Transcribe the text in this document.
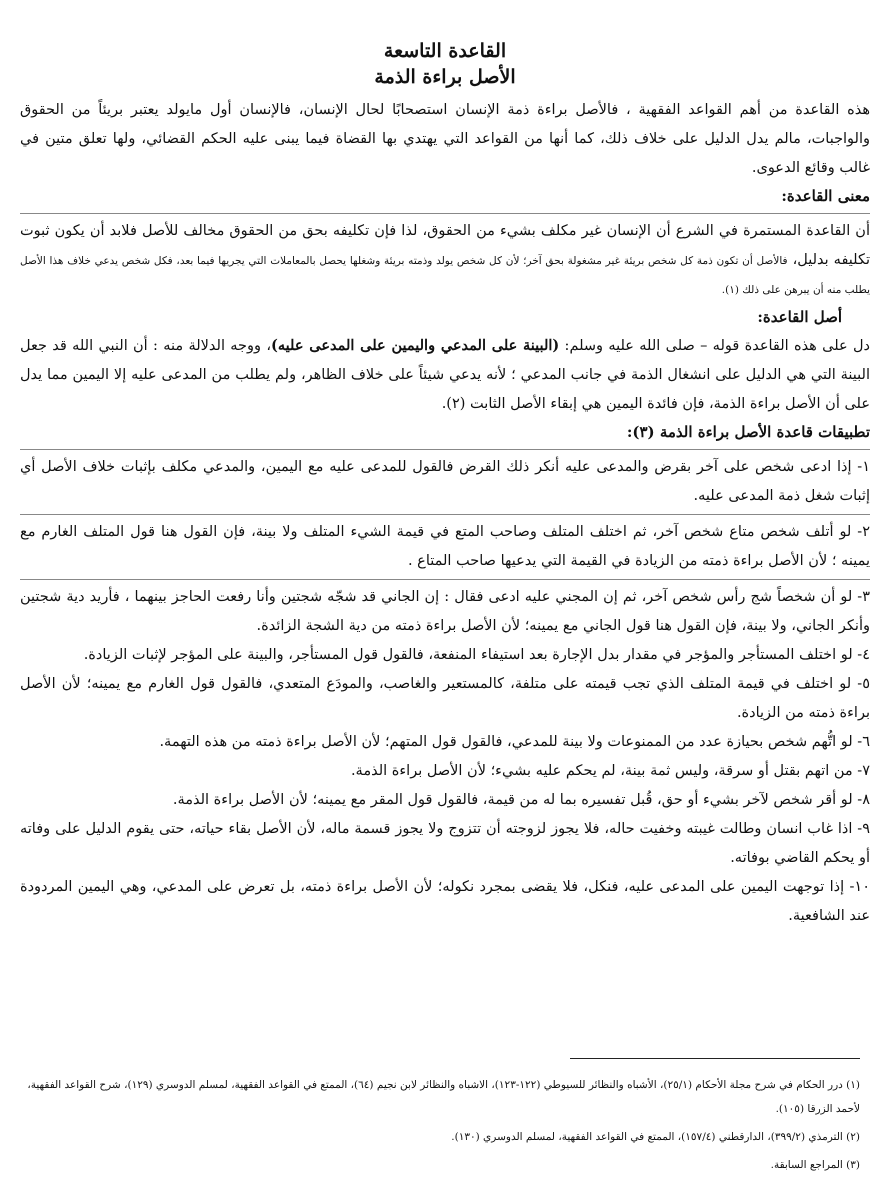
القاعدة التاسعة
الأصل براءة الذمة

هذه القاعدة من أهم القواعد الفقهية ، فالأصل براءة ذمة الإنسان استصحابًا لحال الإنسان، فالإنسان أول مايولد يعتبر بريئاً من الحقوق والواجبات، مالم يدل الدليل على خلاف ذلك، كما أنها من القواعد التي يهتدي بها القضاة فيما يبنى عليه الحكم القضائي، ولها تعلق متين في غالب وقائع الدعوى.

معنى القاعدة:

أن القاعدة المستمرة في الشرع أن الإنسان غير مكلف بشيء من الحقوق، لذا فإن تكليفه بحق من الحقوق مخالف للأصل فلابد أن يكون ثبوت تكليفه بدليل، فالأصل أن تكون ذمة كل شخص بريئة غير مشغولة بحق آخر؛ لأن كل شخص يولد وذمته بريئة وشغلها يحصل بالمعاملات التي يجريها فيما بعد، فكل شخص يدعي خلاف هذا الأصل يطلب منه أن يبرهن على ذلك (١).

أصل القاعدة:

دل على هذه القاعدة قوله – صلى الله عليه وسلم: (البينة على المدعي واليمين على المدعى عليه)، ووجه الدلالة منه : أن النبي الله قد جعل البينة التي هي الدليل على انشغال الذمة في جانب المدعي ؛ لأنه يدعي شيئاً على خلاف الظاهر، ولم يطلب من المدعى عليه إلا اليمين مما يدل على أن الأصل براءة الذمة، فإن فائدة اليمين هي إبقاء الأصل الثابت (٢).

تطبيقات قاعدة الأصل براءة الذمة (٣):

١- إذا ادعى شخص على آخر بقرض والمدعى عليه أنكر ذلك القرض فالقول للمدعى عليه مع اليمين، والمدعي مكلف بإثبات خلاف الأصل أي إثبات شغل ذمة المدعى عليه.

٢- لو أتلف شخص متاع شخص آخر، ثم اختلف المتلف وصاحب المتع في قيمة الشيء المتلف ولا بينة، فإن القول هنا قول المتلف الغارم مع يمينه ؛ لأن الأصل براءة ذمته من الزيادة في القيمة التي يدعيها صاحب المتاع .

٣- لو أن شخصاً شج رأس شخص آخر، ثم إن المجني عليه ادعى فقال : إن الجاني قد شجّه شجتين وأنا رفعت الحاجز بينهما ، فأريد دية شجتين وأنكر الجاني، ولا بينة، فإن القول هنا قول الجاني مع يمينه؛ لأن الأصل براءة ذمته من دية الشجة الزائدة.

٤- لو اختلف المستأجر والمؤجر في مقدار بدل الإجارة بعد استيفاء المنفعة، فالقول قول المستأجر، والبينة على المؤجر لإثبات الزيادة.

٥- لو اختلف في قيمة المتلف الذي تجب قيمته على متلفة، كالمستعير والغاصب، والمودَع المتعدي، فالقول قول الغارم مع يمينه؛ لأن الأصل براءة ذمته من الزيادة.

٦- لو اتُّهم شخص بحيازة عدد من الممنوعات ولا بينة للمدعي، فالقول قول المتهم؛ لأن الأصل براءة ذمته من هذه التهمة.

٧- من اتهم بقتل أو سرقة، وليس ثمة بينة، لم يحكم عليه بشيء؛ لأن الأصل براءة الذمة.

٨- لو أقر شخص لآخر بشيء أو حق، قُبل تفسيره بما له من قيمة، فالقول قول المقر مع يمينه؛ لأن الأصل براءة الذمة.

٩- اذا غاب انسان وطالت غيبته وخفيت حاله، فلا يجوز لزوجته أن تتزوج ولا يجوز قسمة ماله، لأن الأصل بقاء حياته، حتى يقوم الدليل على وفاته أو يحكم القاضي بوفاته.

١٠- إذا توجهت اليمين على المدعى عليه، فنكل، فلا يقضى بمجرد نكوله؛ لأن الأصل براءة ذمته، بل تعرض على المدعي، وهي اليمين المردودة عند الشافعية.

(١) درر الحكام في شرح مجلة الأحكام (٢٥/١)، الأشباه والنظائر للسيوطي (١٢٢-١٢٣)، الاشباه والنظائر لابن نجيم (٦٤)، الممتع في القواعد الفقهية، لمسلم الدوسري (١٢٩)، شرح القواعد الفقهية، لأحمد الزرقا (١٠٥).

(٢) الترمذي (٣٩٩/٢)، الدارقطني (١٥٧/٤)، الممتع في القواعد الفقهية، لمسلم الدوسري (١٣٠).

(٣) المراجع السابقة.
